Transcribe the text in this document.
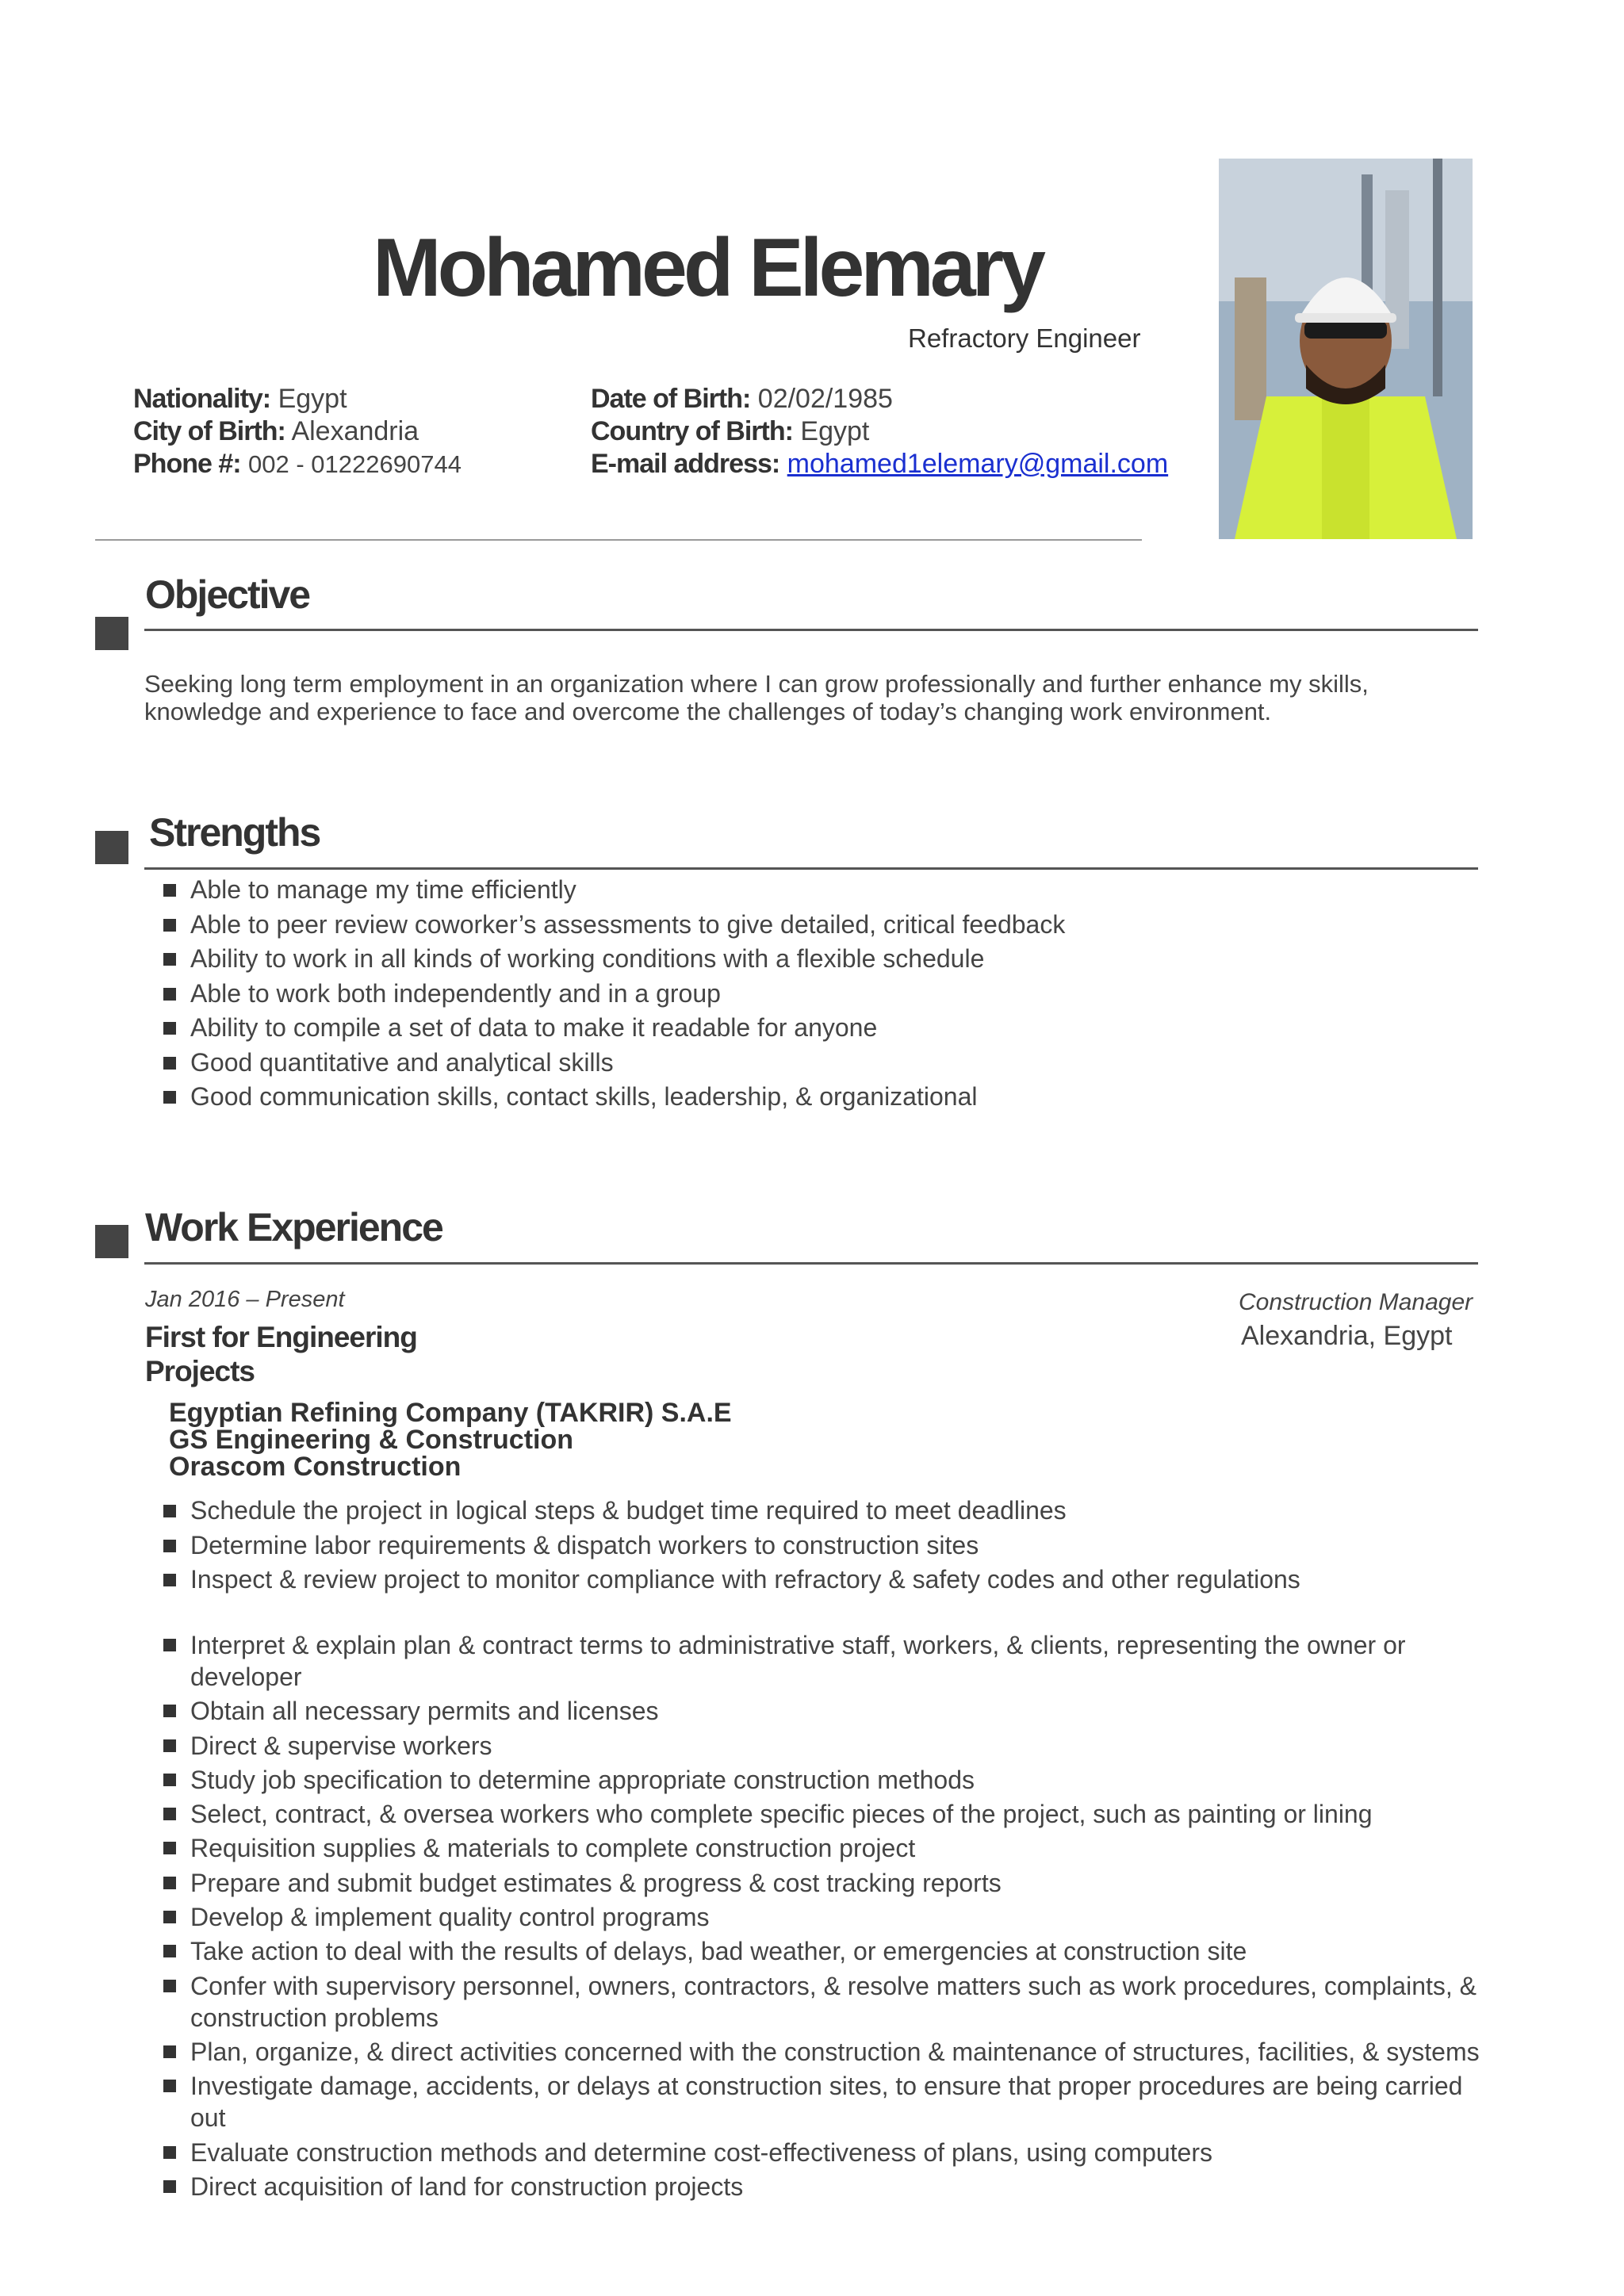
Mohamed Elemary
Refractory Engineer
Nationality: Egypt
City of Birth: Alexandria
Phone #: 002 - 01222690744
Date of Birth: 02/02/1985
Country of Birth: Egypt
E-mail address: mohamed1elemary@gmail.com
Objective
Seeking long term employment in an organization where I can grow professionally and further enhance my skills, knowledge and experience to face and overcome the challenges of today’s changing work environment.
Strengths
Able to manage my time efficiently
Able to peer review coworker’s assessments to give detailed, critical feedback
Ability to work in all kinds of working conditions with a flexible schedule
Able to work both independently and in a group
Ability to compile a set of data to make it readable for anyone
Good quantitative and analytical skills
Good communication skills, contact skills, leadership, & organizational
Work Experience
Jan 2016 – Present
First for Engineering Projects
Construction Manager
Alexandria, Egypt
Egyptian Refining Company (TAKRIR) S.A.E
GS Engineering & Construction
Orascom Construction
Schedule the project in logical steps & budget time required to meet deadlines
Determine labor requirements & dispatch workers to construction sites
Inspect & review project to monitor compliance with refractory & safety codes and other regulations
Interpret & explain plan & contract terms to administrative staff, workers, & clients, representing the owner or developer
Obtain all necessary permits and licenses
Direct & supervise workers
Study job specification to determine appropriate construction methods
Select, contract, & oversea workers who complete specific pieces of the project, such as painting or lining
Requisition supplies & materials to complete construction project
Prepare and submit budget estimates & progress & cost tracking reports
Develop & implement quality control programs
Take action to deal with the results of delays, bad weather, or emergencies at construction site
Confer with supervisory personnel, owners, contractors, & resolve matters such as work procedures, complaints, & construction problems
Plan, organize, & direct activities concerned with the construction & maintenance of structures, facilities, & systems
Investigate damage, accidents, or delays at construction sites, to ensure that proper procedures are being carried out
Evaluate construction methods and determine cost-effectiveness of plans, using computers
Direct acquisition of land for construction projects
